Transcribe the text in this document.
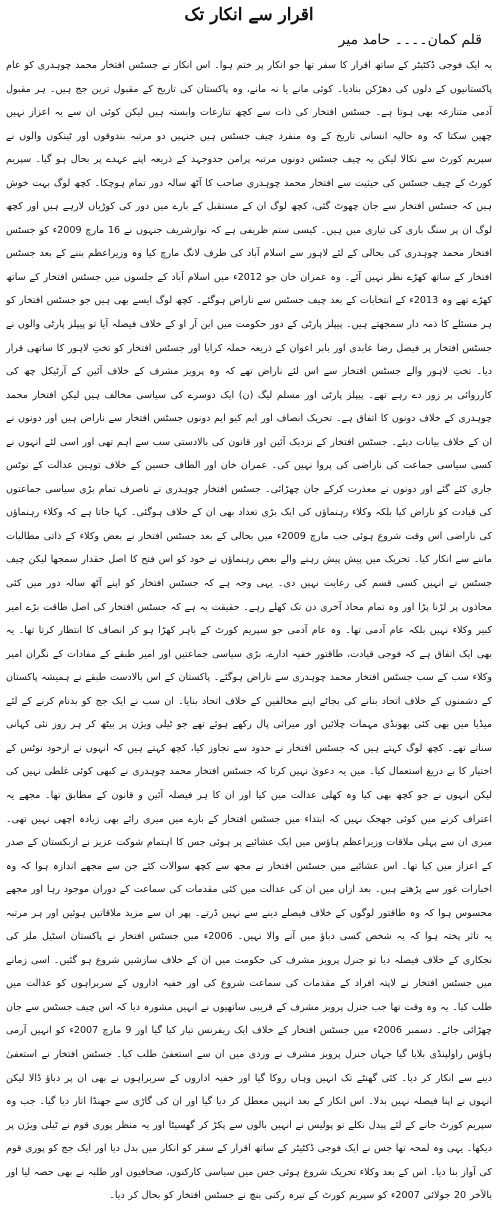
اقرار سے انکار تک
قلم کمان۔۔۔۔ حامد میر

یہ ایک فوجی ڈکٹیٹر کے ساتھ اقرار کا سفر تھا جو انکار پر ختم ہوا۔ اس انکار نے جسٹس افتخار محمد چوہدری کو عام پاکستانیوں کے دلوں کی دھڑکن بنادیا۔ کوئی مانے یا نہ مانے، وہ پاکستان کی تاریخ کے مقبول ترین جج ہیں۔ ہر مقبول آدمی متنازعہ بھی ہوتا ہے۔ جسٹس افتخار کی ذات سے کچھ تنازعات وابستہ ہیں لیکن کوئی ان سے یہ اعزاز نہیں چھین سکتا کہ وہ حالیہ انسانی تاریخ کے وہ منفرد چیف جسٹس ہیں جنہیں دو مرتبہ بندوقوں اور ٹینکوں والوں نے سپریم کورٹ سے نکالا لیکن یہ چیف جسٹس دونوں مرتبہ پرامن جدوجہد کے ذریعہ اپنے عہدے پر بحال ہو گیا۔ سپریم کورٹ کے چیف جسٹس کی حیثیت سے افتخار محمد چوہدری صاحب کا آٹھ سالہ دور تمام ہوچکا۔ کچھ لوگ بہت خوش ہیں کہ جسٹس افتخار سے جان چھوٹ گئی، کچھ لوگ ان کے مستقبل کے بارے میں دور کی کوڑیاں لارہے ہیں اور کچھ لوگ ان پر سنگ باری کی تیاری میں ہیں۔ کیسی ستم ظریفی ہے کہ نوازشریف جنہوں نے 16 مارچ 2009ء کو جسٹس افتخار محمد چوہدری کی بحالی کے لئے لاہور سے اسلام آباد کی طرف لانگ مارچ کیا وہ وزیراعظم بننے کے بعد جسٹس افتخار کے ساتھ کھڑے نظر نہیں آئے۔ وہ عمران خان جو 2012ء میں اسلام آباد کے جلسوں میں جسٹس افتخار کے ساتھ کھڑے تھے وہ 2013ء کے انتخابات کے بعد چیف جسٹس سے ناراض ہوگئے۔ کچھ لوگ ایسے بھی ہیں جو جسٹس افتخار کو ہر مسئلے کا ذمہ دار سمجھتے ہیں۔ پیپلز پارٹی کے دور حکومت میں این آر او کے خلاف فیصلہ آیا تو پیپلز پارٹی والوں نے جسٹس افتخار پر فیصل رضا عابدی اور بابر اعوان کے ذریعہ حملہ کرایا اور جسٹس افتخار کو تختِ لاہور کا ساتھی قرار دیا۔ تختِ لاہور والے جسٹس افتخار سے اس لئے ناراض تھے کہ وہ پرویز مشرف کے خلاف آئین کے آرٹیکل چھ کی کارروائی پر زور دے رہے تھے۔ پیپلز پارٹی اور مسلم لیگ (ن) ایک دوسرے کی سیاسی مخالف ہیں لیکن افتخار محمد چوہدری کے خلاف دونوں کا اتفاق ہے۔ تحریک انصاف اور ایم کیو ایم دونوں جسٹس افتخار سے ناراض ہیں اور دونوں نے ان کے خلاف بیانات دیئے۔ جسٹس افتخار کے نزدیک آئین اور قانون کی بالادستی سب سے اہم تھی اور اسی لئے انہوں نے کسی سیاسی جماعت کی ناراضی کی پروا نہیں کی۔ عمران خان اور الطاف حسین کے خلاف توہین عدالت کے نوٹس جاری کئے گئے اور دونوں نے معذرت کرکے جان چھڑائی۔ جسٹس افتخار چوہدری نے ناصرف تمام بڑی سیاسی جماعتوں کی قیادت کو ناراض کیا بلکہ وکلاء رہنماؤں کی ایک بڑی تعداد بھی ان کے خلاف ہوگئی۔ کہا جاتا ہے کہ وکلاء رہنماؤں کی ناراضی اس وقت شروع ہوئی جب مارچ 2009ء میں بحالی کے بعد جسٹس افتخار نے بعض وکلاء کے ذاتی مطالبات ماننے سے انکار کیا۔ تحریک میں پیش پیش رہنے والے بعض رہنماؤں نے خود کو اس فتح کا اصل حقدار سمجھا لیکن چیف جسٹس نے انہیں کسی قسم کی رعایت نہیں دی۔ یہی وجہ ہے کہ جسٹس افتخار کو اپنے آٹھ سالہ دور میں کئی محاذوں پر لڑنا پڑا اور وہ تمام محاذ آخری دن تک کھلے رہے۔ حقیقت یہ ہے کہ جسٹس افتخار کی اصل طاقت بڑے امیر کبیر وکلاء نہیں بلکہ عام آدمی تھا۔ وہ عام آدمی جو سپریم کورٹ کے باہر کھڑا ہو کر انصاف کا انتظار کرتا تھا۔ یہ بھی ایک اتفاق ہے کہ فوجی قیادت، طاقتور خفیہ ادارے، بڑی سیاسی جماعتیں اور امیر طبقے کے مفادات کے نگران امیر وکلاء سب کے سب جسٹس افتخار محمد چوہدری سے ناراض ہوگئے۔ پاکستان کے اس بالادست طبقے نے ہمیشہ پاکستان کے دشمنوں کے خلاف اتحاد بنانے کی بجائے اپنے مخالفین کے خلاف اتحاد بنایا۔ ان سب نے ایک جج کو بدنام کرنے کے لئے میڈیا میں بھی کئی بھونڈی مہمات چلائیں اور میراثی پال رکھے ہوئے تھے جو ٹیلی ویژن پر بیٹھ کر ہر روز نئی کہانی سناتے تھے۔ کچھ لوگ کہتے ہیں کہ جسٹس افتخار نے حدود سے تجاوز کیا، کچھ کہتے ہیں کہ انہوں نے ازخود نوٹس کے اختیار کا بے دریغ استعمال کیا۔ میں یہ دعویٰ نہیں کرتا کہ جسٹس افتخار محمد چوہدری نے کبھی کوئی غلطی نہیں کی لیکن انہوں نے جو کچھ بھی کیا وہ کھلی عدالت میں کیا اور ان کا ہر فیصلہ آئین و قانون کے مطابق تھا۔ مجھے یہ اعتراف کرنے میں کوئی جھجک نہیں کہ ابتداء میں جسٹس افتخار کے بارے میں میری رائے بھی زیادہ اچھی نہیں تھی۔ میری ان سے پہلی ملاقات وزیراعظم ہاؤس میں ایک عشائیے پر ہوئی جس کا اہتمام شوکت عزیز نے ازبکستان کے صدر کے اعزاز میں کیا تھا۔ اس عشائیے میں جسٹس افتخار نے مجھ سے کچھ سوالات کئے جن سے مجھے اندازہ ہوا کہ وہ اخبارات غور سے پڑھتے ہیں۔ بعد ازاں میں ان کی عدالت میں کئی مقدمات کی سماعت کے دوران موجود رہا اور مجھے محسوس ہوا کہ وہ طاقتور لوگوں کے خلاف فیصلے دینے سے نہیں ڈرتے۔ پھر ان سے مزید ملاقاتیں ہوئیں اور ہر مرتبہ یہ تاثر پختہ ہوا کہ یہ شخص کسی دباؤ میں آنے والا نہیں۔ 2006ء میں جسٹس افتخار نے پاکستان اسٹیل ملز کی نجکاری کے خلاف فیصلہ دیا تو جنرل پرویز مشرف کی حکومت میں ان کے خلاف سازشیں شروع ہو گئیں۔ اسی زمانے میں جسٹس افتخار نے لاپتہ افراد کے مقدمات کی سماعت شروع کی اور خفیہ اداروں کے سربراہوں کو عدالت میں طلب کیا۔ یہ وہ وقت تھا جب جنرل پرویز مشرف کے قریبی ساتھیوں نے انہیں مشورہ دیا کہ اس چیف جسٹس سے جان چھڑائی جائے۔ دسمبر 2006ء میں جسٹس افتخار کے خلاف ایک ریفرنس تیار کیا گیا اور 9 مارچ 2007ء کو انہیں آرمی ہاؤس راولپنڈی بلایا گیا جہاں جنرل پرویز مشرف نے وردی میں ان سے استعفیٰ طلب کیا۔ جسٹس افتخار نے استعفیٰ دینے سے انکار کر دیا۔ کئی گھنٹے تک انہیں وہاں روکا گیا اور خفیہ اداروں کے سربراہوں نے بھی ان پر دباؤ ڈالا لیکن انہوں نے اپنا فیصلہ نہیں بدلا۔ اس انکار کے بعد انہیں معطل کر دیا گیا اور ان کی گاڑی سے جھنڈا اتار دیا گیا۔ جب وہ سپریم کورٹ جانے کے لئے پیدل نکلے تو پولیس نے انہیں بالوں سے پکڑ کر گھسیٹا اور یہ منظر پوری قوم نے ٹیلی ویژن پر دیکھا۔ یہی وہ لمحہ تھا جس نے ایک فوجی ڈکٹیٹر کے ساتھ اقرار کے سفر کو انکار میں بدل دیا اور ایک جج کو پوری قوم کی آواز بنا دیا۔ اس کے بعد وکلاء تحریک شروع ہوئی جس میں سیاسی کارکنوں، صحافیوں اور طلبہ نے بھی حصہ لیا اور بالآخر 20 جولائی 2007ء کو سپریم کورٹ کے تیرہ رکنی بنچ نے جسٹس افتخار کو بحال کر دیا۔
